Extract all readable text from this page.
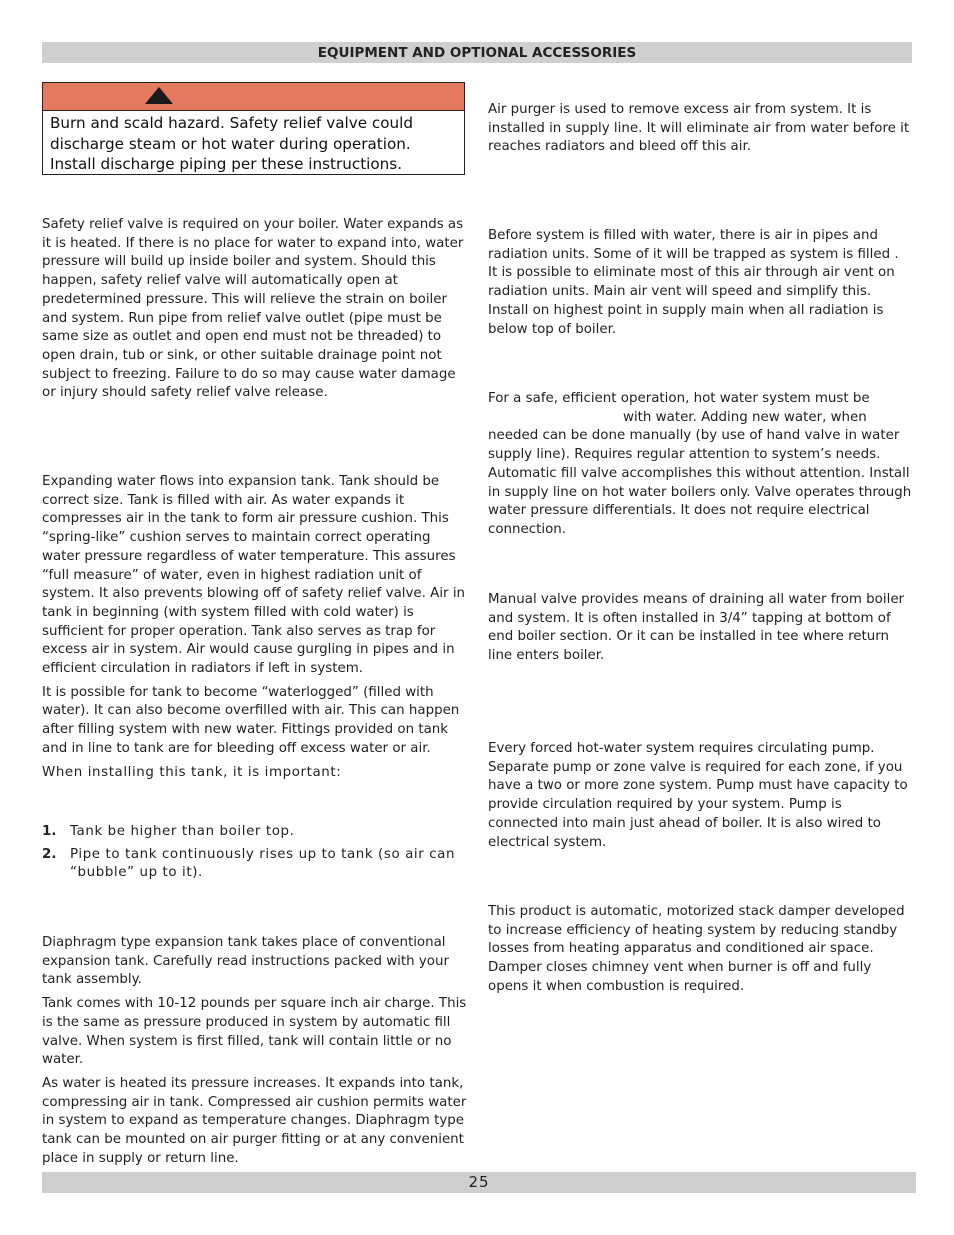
EQUIPMENT AND OPTIONAL ACCESSORIES
Burn and scald hazard. Safety relief valve could discharge steam or hot water during operation. Install discharge piping per these instructions.

Safety relief valve is required on your boiler. Water expands as it is heated. If there is no place for water to expand into, water pressure will build up inside boiler and system. Should this happen, safety relief valve will automatically open at predetermined pressure. This will relieve the strain on boiler and system. Run pipe from relief valve outlet (pipe must be same size as outlet and open end must not be threaded) to open drain, tub or sink, or other suitable drainage point not subject to freezing. Failure to do so may cause water damage or injury should safety relief valve release.

Expanding water flows into expansion tank. Tank should be correct size. Tank is filled with air. As water expands it compresses air in the tank to form air pressure cushion. This “spring-like” cushion serves to maintain correct operating water pressure regardless of water temperature. This assures “full measure” of water, even in highest radiation unit of system. It also prevents blowing off of safety relief valve. Air in tank in beginning (with system filled with cold water) is sufficient for proper operation. Tank also serves as trap for excess air in system. Air would cause gurgling in pipes and in efficient circulation in radiators if left in system.

It is possible for tank to become “waterlogged” (filled with water). It can also become overfilled with air. This can happen after filling system with new water. Fittings provided on tank and in line to tank are for bleeding off excess water or air.

When installing this tank, it is important:

1. Tank be higher than boiler top.
2. Pipe to tank continuously rises up to tank (so air can “bubble” up to it).

Diaphragm type expansion tank takes place of conventional expansion tank. Carefully read instructions packed with your tank assembly.

Tank comes with 10-12 pounds per square inch air charge. This is the same as pressure produced in system by automatic fill valve. When system is first filled, tank will contain little or no water.

As water is heated its pressure increases. It expands into tank, compressing air in tank. Compressed air cushion permits water in system to expand as temperature changes. Diaphragm type tank can be mounted on air purger fitting or at any convenient place in supply or return line.

Air purger is used to remove excess air from system. It is installed in supply line. It will eliminate air from water before it reaches radiators and bleed off this air.

Before system is filled with water, there is air in pipes and radiation units. Some of it will be trapped as system is filled . It is possible to eliminate most of this air through air vent on radiation units. Main air vent will speed and simplify this. Install on highest point in supply main when all radiation is below top of boiler.

For a safe, efficient operation, hot water system must be

with water. Adding new water, when needed can be done manually (by use of hand valve in water supply line). Requires regular attention to system’s needs. Automatic fill valve accomplishes this without attention. Install in supply line on hot water boilers only. Valve operates through water pressure differentials. It does not require electrical connection.

Manual valve provides means of draining all water from boiler and system. It is often installed in 3/4” tapping at bottom of end boiler section. Or it can be installed in tee where return line enters boiler.

Every forced hot-water system requires circulating pump. Separate pump or zone valve is required for each zone, if you have a two or more zone system. Pump must have capacity to provide circulation required by your system. Pump is connected into main just ahead of boiler. It is also wired to electrical system.

This product is automatic, motorized stack damper developed to increase efficiency of heating system by reducing standby losses from heating apparatus and conditioned air space. Damper closes chimney vent when burner is off and fully opens it when combustion is required.

25
